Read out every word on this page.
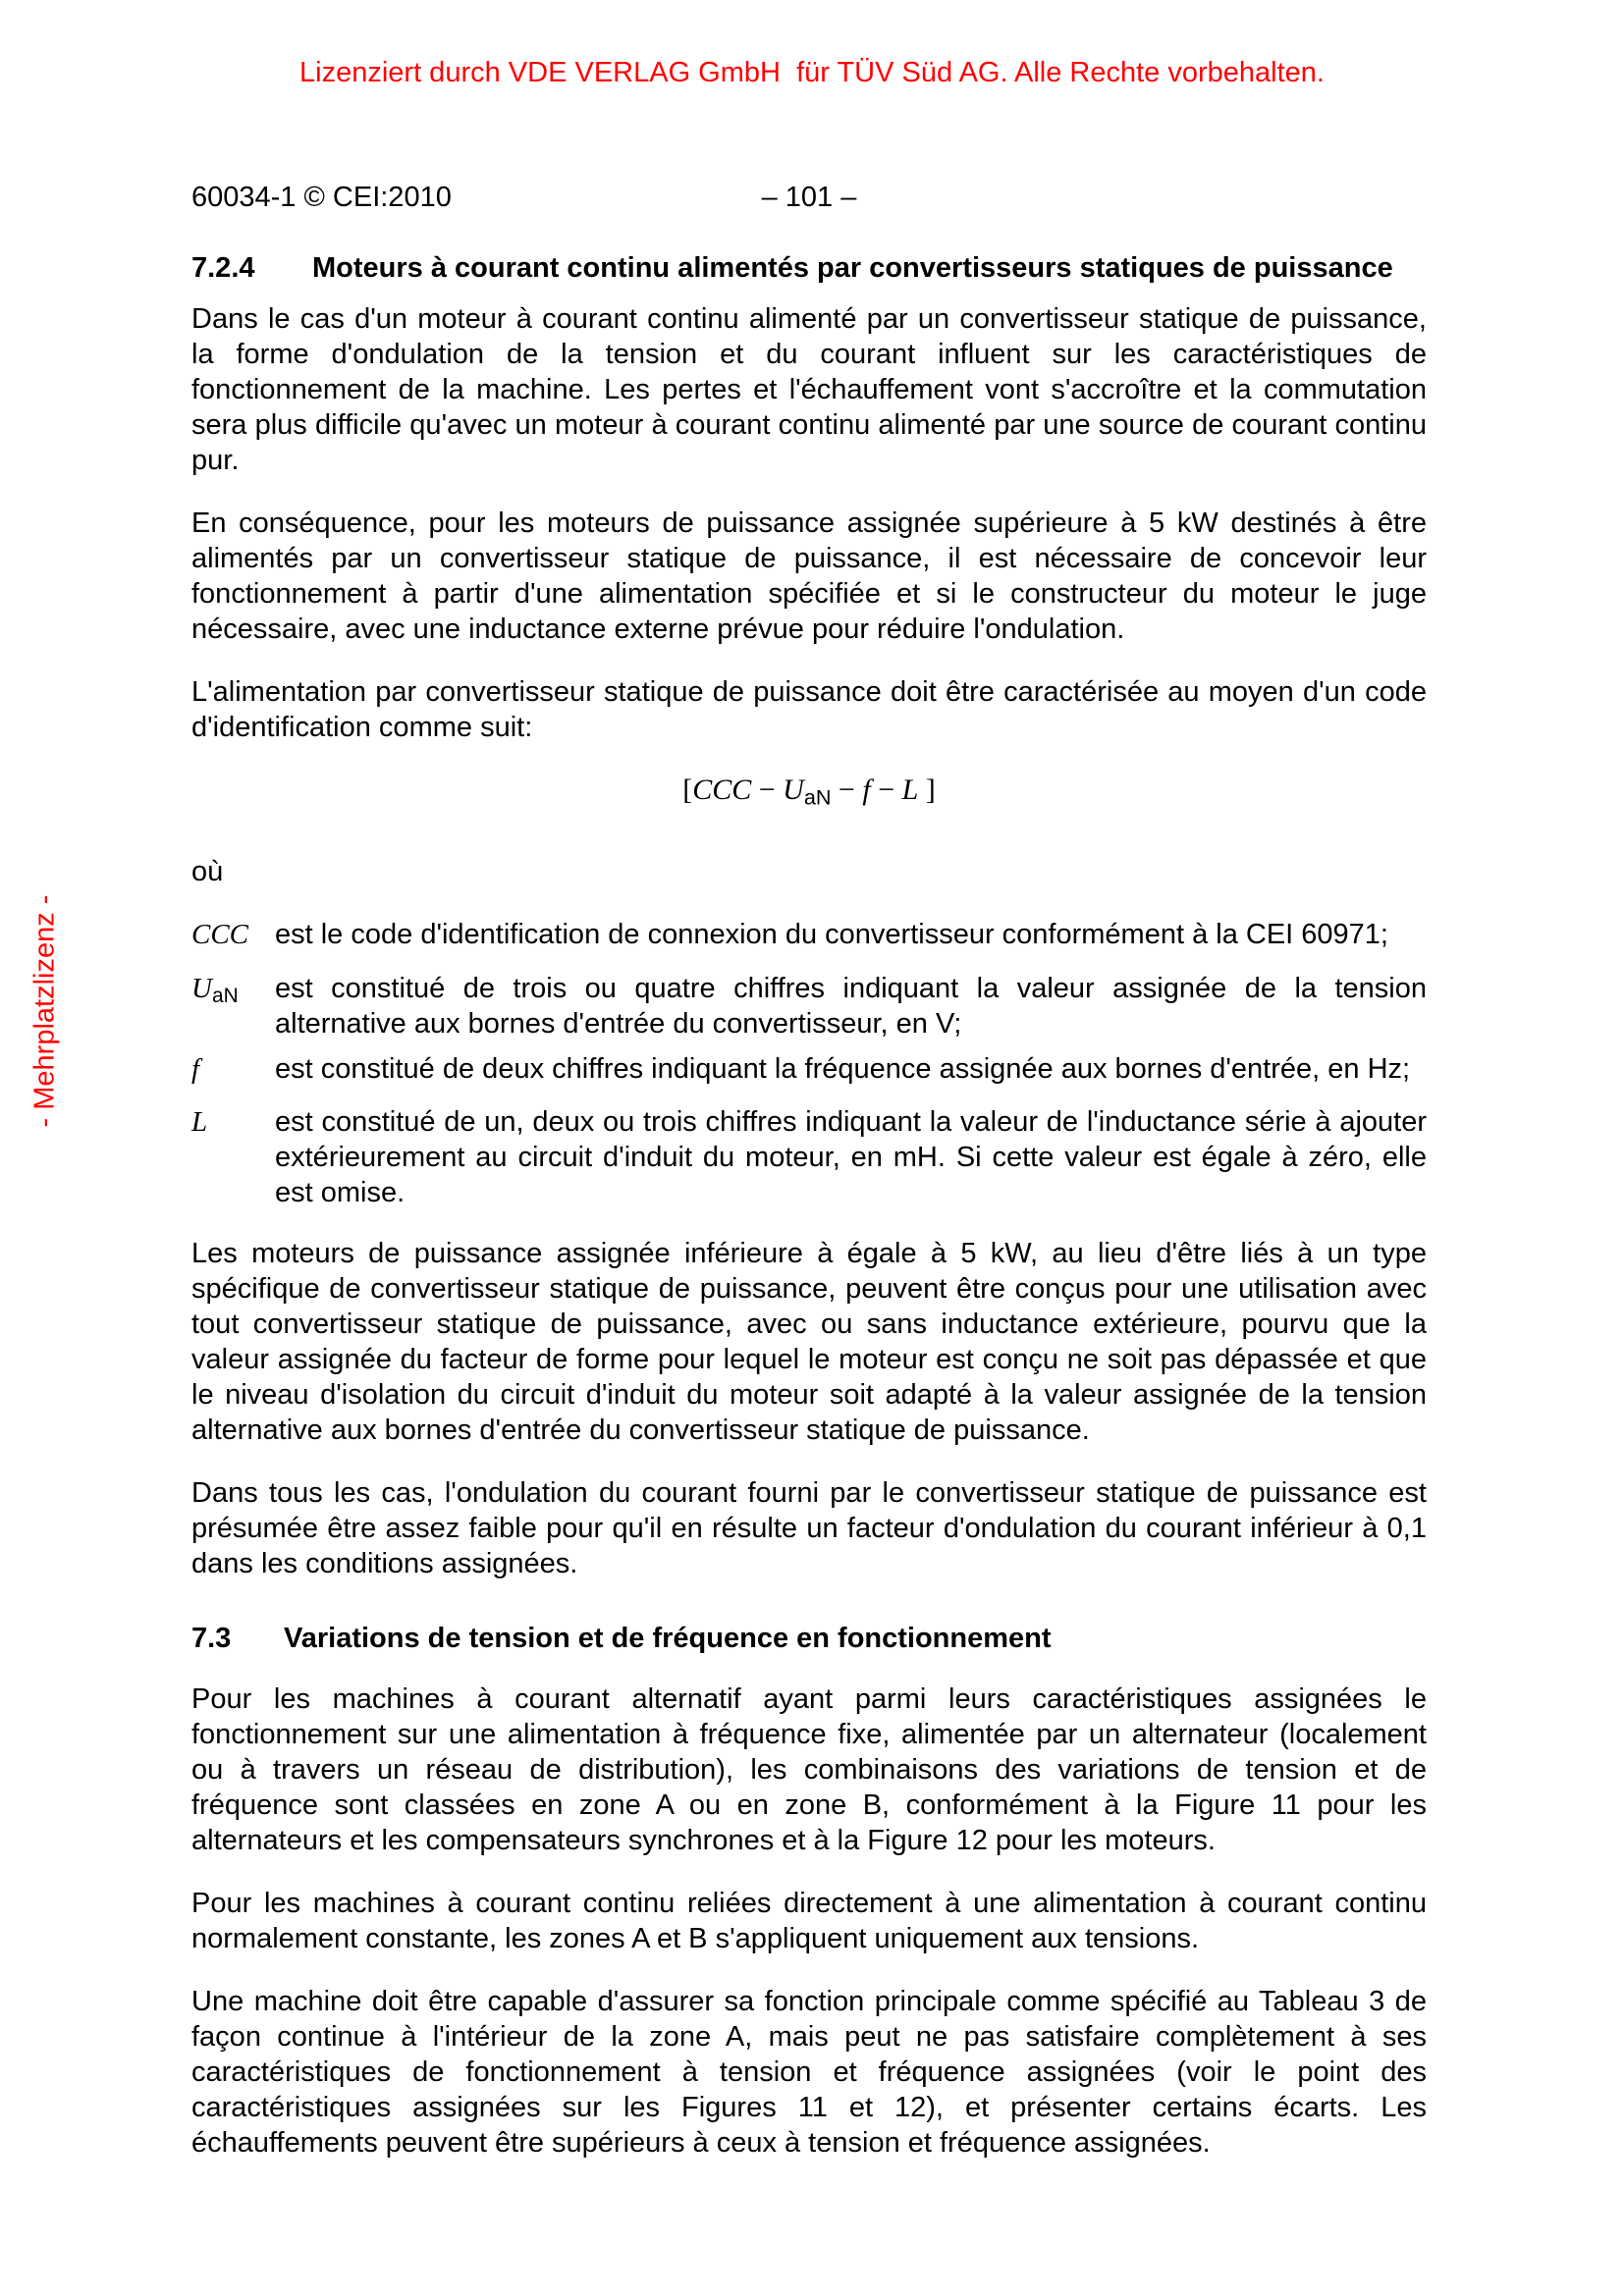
Lizenziert durch VDE VERLAG GmbH  für TÜV Süd AG. Alle Rechte vorbehalten.
- Mehrplatzlizenz -
60034-1 © CEI:2010	– 101 –
7.2.4	Moteurs à courant continu alimentés par convertisseurs statiques de puissance

Dans le cas d'un moteur à courant continu alimenté par un convertisseur statique de puissance, la forme d'ondulation de la tension et du courant influent sur les caractéristiques de fonctionnement de la machine. Les pertes et l'échauffement vont s'accroître et la commutation sera plus difficile qu'avec un moteur à courant continu alimenté par une source de courant continu pur.

En conséquence, pour les moteurs de puissance assignée supérieure à 5 kW destinés à être alimentés par un convertisseur statique de puissance, il est nécessaire de concevoir leur fonctionnement à partir d'une alimentation spécifiée et si le constructeur du moteur le juge nécessaire, avec une inductance externe prévue pour réduire l'ondulation.

L'alimentation par convertisseur statique de puissance doit être caractérisée au moyen d'un code d'identification comme suit:

[$CCC - U_{aN} - f - L$ ]

où

CCC est le code d'identification de connexion du convertisseur conformément à la CEI 60971;
$U_{aN}$	est constitué de trois ou quatre chiffres indiquant la valeur assignée de la tension alternative aux bornes d'entrée du convertisseur, en V;
f	est constitué de deux chiffres indiquant la fréquence assignée aux bornes d'entrée, en Hz;
L	est constitué de un, deux ou trois chiffres indiquant la valeur de l'inductance série à ajouter extérieurement au circuit d'induit du moteur, en mH. Si cette valeur est égale à zéro, elle est omise.

Les moteurs de puissance assignée inférieure à égale à 5 kW, au lieu d'être liés à un type spécifique de convertisseur statique de puissance, peuvent être conçus pour une utilisation avec tout convertisseur statique de puissance, avec ou sans inductance extérieure, pourvu que la valeur assignée du facteur de forme pour lequel le moteur est conçu ne soit pas dépassée et que le niveau d'isolation du circuit d'induit du moteur soit adapté à la valeur assignée de la tension alternative aux bornes d'entrée du convertisseur statique de puissance.

Dans tous les cas, l'ondulation du courant fourni par le convertisseur statique de puissance est présumée être assez faible pour qu'il en résulte un facteur d'ondulation du courant inférieur à 0,1 dans les conditions assignées.

7.3	Variations de tension et de fréquence en fonctionnement

Pour les machines à courant alternatif ayant parmi leurs caractéristiques assignées le fonctionnement sur une alimentation à fréquence fixe, alimentée par un alternateur (localement ou à travers un réseau de distribution), les combinaisons des variations de tension et de fréquence sont classées en zone A ou en zone B, conformément à la Figure 11 pour les alternateurs et les compensateurs synchrones et à la Figure 12 pour les moteurs.

Pour les machines à courant continu reliées directement à une alimentation à courant continu normalement constante, les zones A et B s'appliquent uniquement aux tensions.

Une machine doit être capable d'assurer sa fonction principale comme spécifié au Tableau 3 de façon continue à l'intérieur de la zone A, mais peut ne pas satisfaire complètement à ses caractéristiques de fonctionnement à tension et fréquence assignées (voir le point des caractéristiques assignées sur les Figures 11 et 12), et présenter certains écarts. Les échauffements peuvent être supérieurs à ceux à tension et fréquence assignées.
